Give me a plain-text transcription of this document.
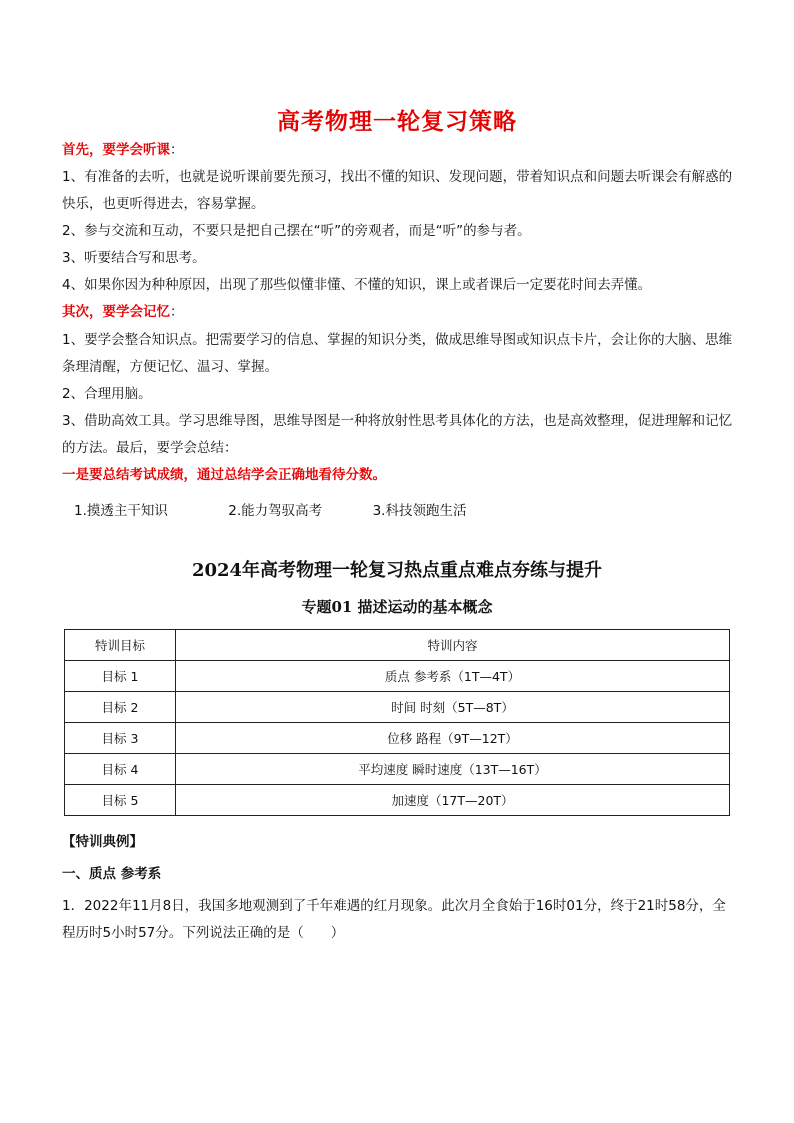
高考物理一轮复习策略
首先，要学会听课：
1、有准备的去听，也就是说听课前要先预习，找出不懂的知识、发现问题，带着知识点和问题去听课会有解惑的快乐，也更听得进去，容易掌握。
2、参与交流和互动，不要只是把自己摆在“听”的旁观者，而是“听”的参与者。
3、听要结合写和思考。
4、如果你因为种种原因，出现了那些似懂非懂、不懂的知识，课上或者课后一定要花时间去弄懂。
其次，要学会记忆：
1、要学会整合知识点。把需要学习的信息、掌握的知识分类，做成思维导图或知识点卡片，会让你的大脑、思维条理清醒，方便记忆、温习、掌握。
2、合理用脑。
3、借助高效工具。学习思维导图，思维导图是一种将放射性思考具体化的方法，也是高效整理，促进理解和记忆的方法。最后，要学会总结：
一是要总结考试成绩，通过总结学会正确地看待分数。
1.摸透主干知识	2.能力驾驭高考	3.科技领跑生活
2024年高考物理一轮复习热点重点难点夯练与提升
专题01 描述运动的基本概念
特训目标	特训内容
目标 1	质点 参考系（1T—4T）
目标 2	时间 时刻（5T—8T）
目标 3	位移 路程（9T—12T）
目标 4	平均速度 瞬时速度（13T—16T）
目标 5	加速度（17T—20T）
【特训典例】
一、质点 参考系
1．2022年11月8日，我国多地观测到了千年难遇的红月现象。此次月全食始于16时01分，终于21时58分，全程历时5小时57分。下列说法正确的是（　　）
